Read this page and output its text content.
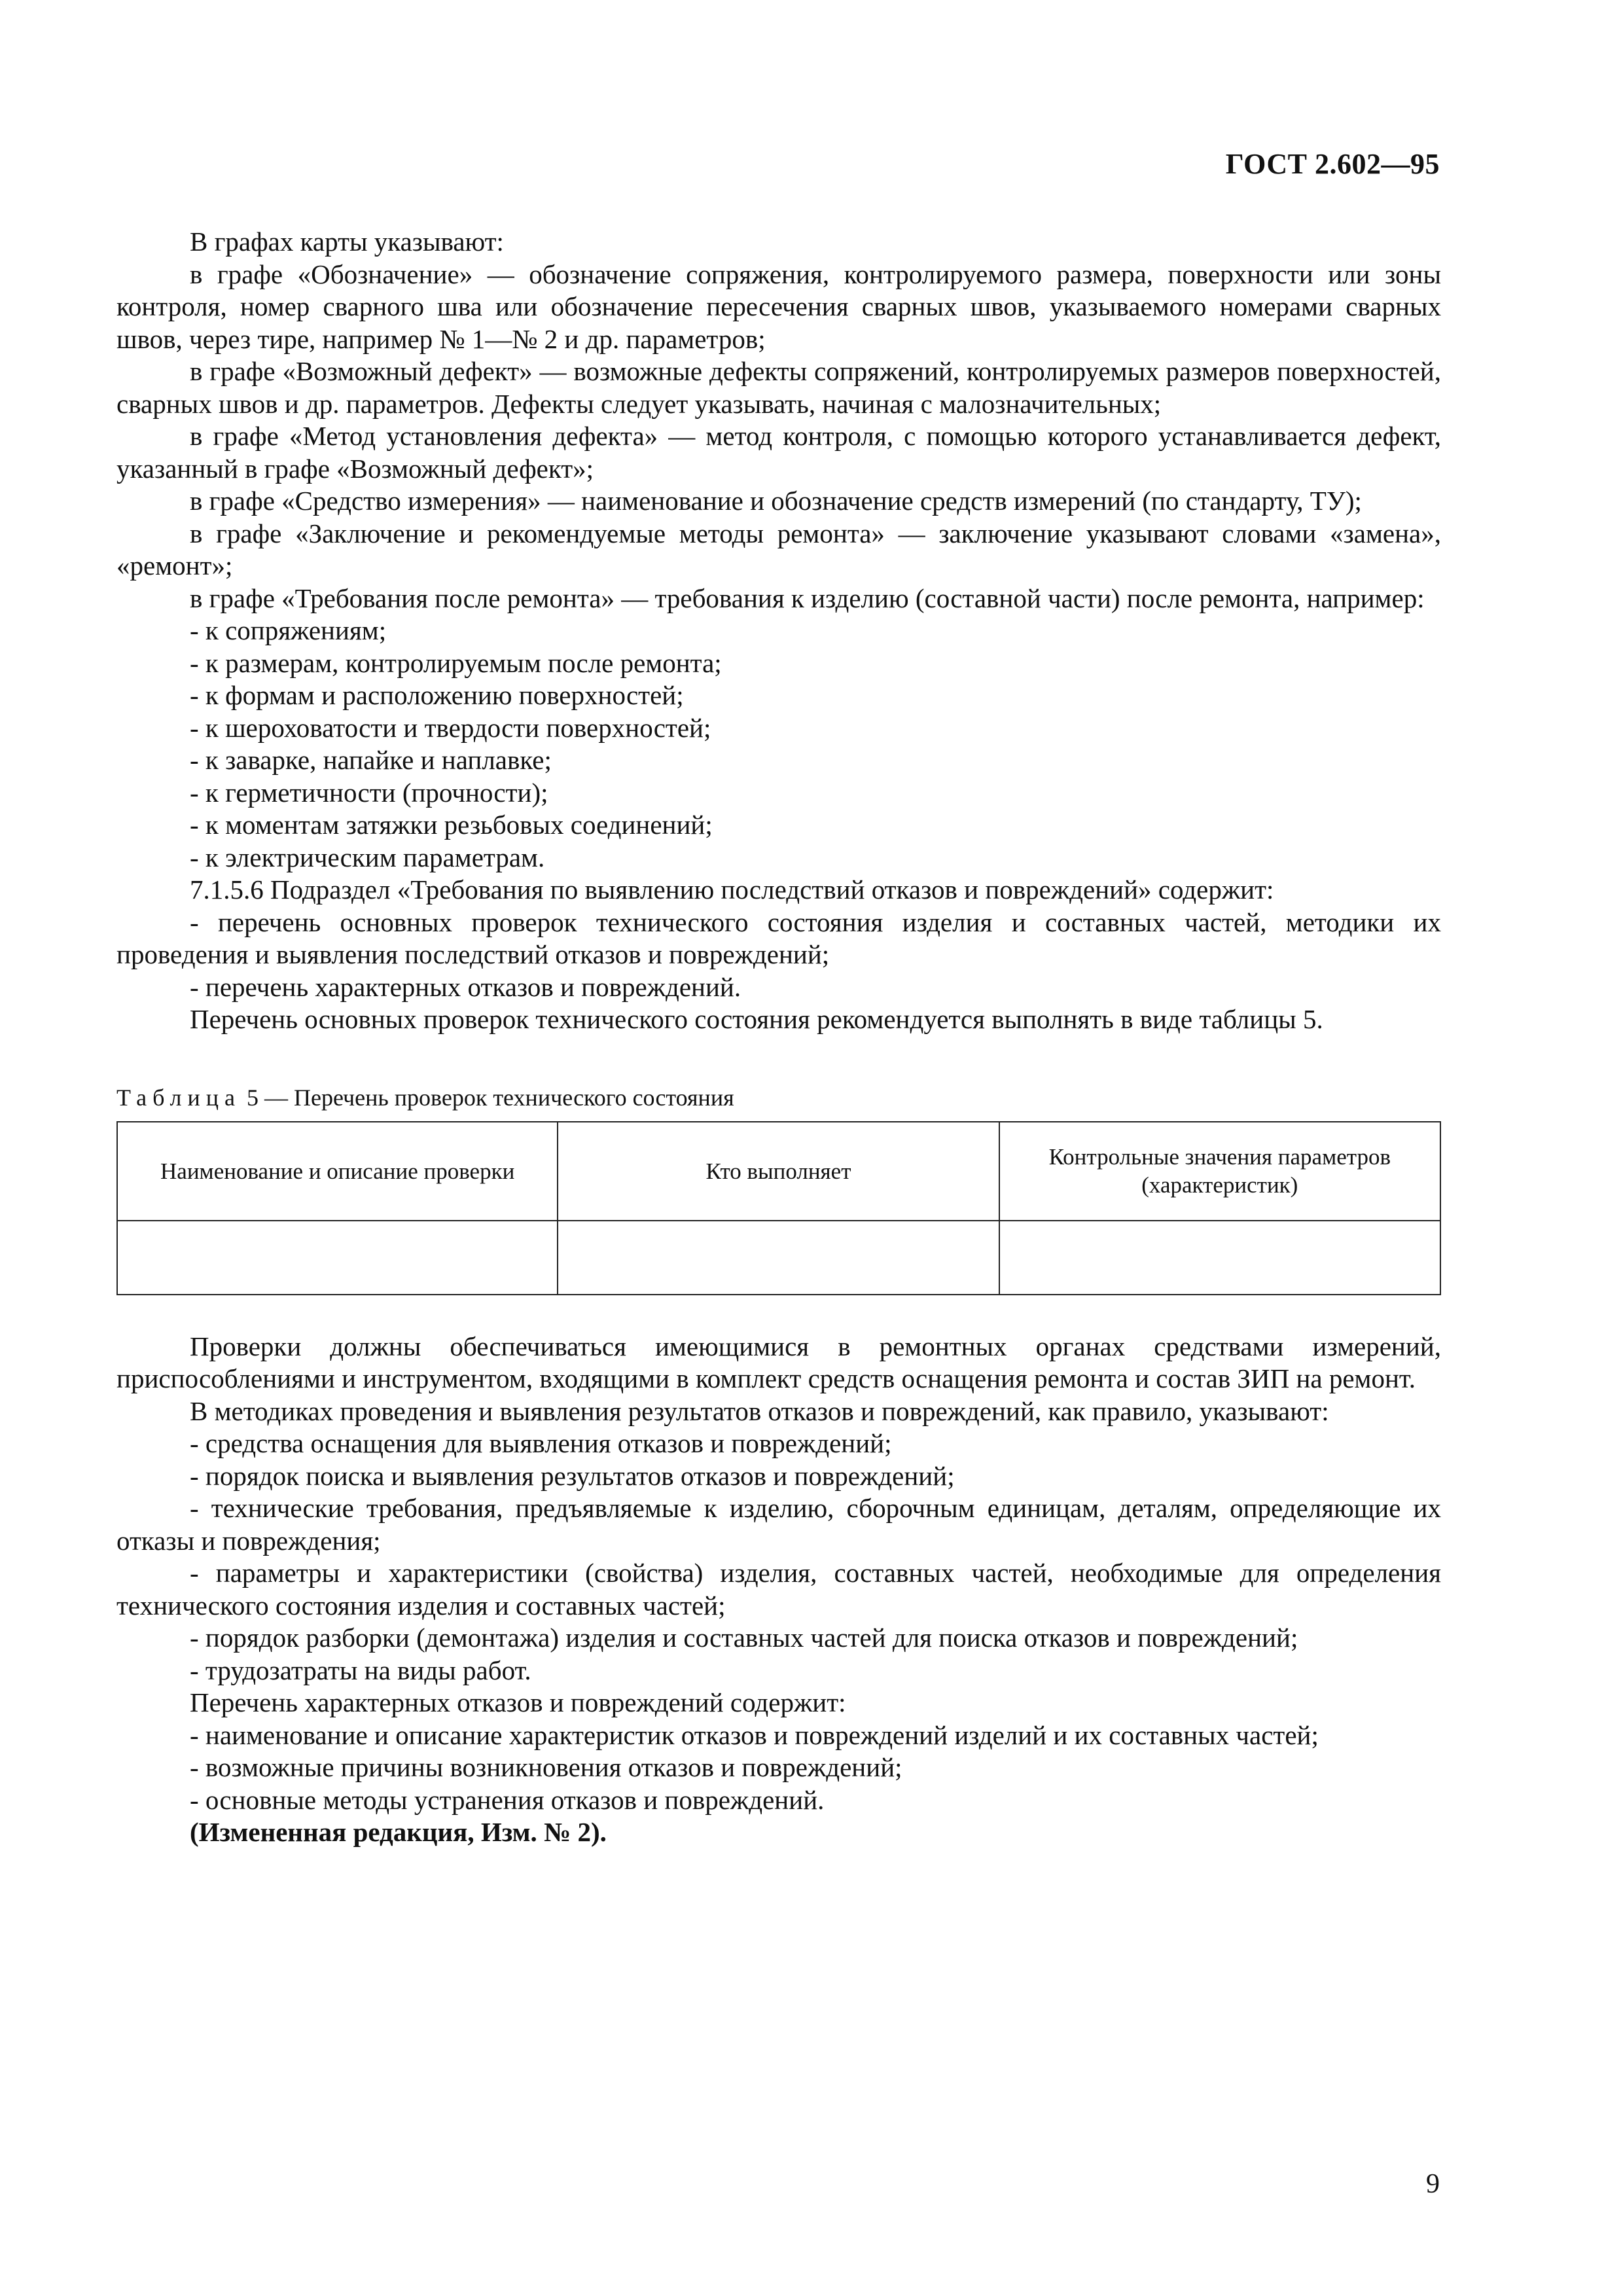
ГОСТ 2.602—95

В графах карты указывают:

в графе «Обозначение» — обозначение сопряжения, контролируемого размера, поверхности или зоны контроля, номер сварного шва или обозначение пересечения сварных швов, указываемого номерами сварных швов, через тире, например № 1—№ 2 и др. параметров;

в графе «Возможный дефект» — возможные дефекты сопряжений, контролируемых размеров поверхностей, сварных швов и др. параметров. Дефекты следует указывать, начиная с малозначительных;

в графе «Метод установления дефекта» — метод контроля, с помощью которого устанавливается дефект, указанный в графе «Возможный дефект»;

в графе «Средство измерения» — наименование и обозначение средств измерений (по стандарту, ТУ);

в графе «Заключение и рекомендуемые методы ремонта» — заключение указывают словами «замена», «ремонт»;

в графе «Требования после ремонта» — требования к изделию (составной части) после ремонта, например:

- к сопряжениям;

- к размерам, контролируемым после ремонта;

- к формам и расположению поверхностей;

- к шероховатости и твердости поверхностей;

- к заварке, напайке и наплавке;

- к герметичности (прочности);

- к моментам затяжки резьбовых соединений;

- к электрическим параметрам.

7.1.5.6 Подраздел «Требования по выявлению последствий отказов и повреждений» содержит:

- перечень основных проверок технического состояния изделия и составных частей, методики их проведения и выявления последствий отказов и повреждений;

- перечень характерных отказов и повреждений.

Перечень основных проверок технического состояния рекомендуется выполнять в виде таблицы 5.

Таблица 5 — Перечень проверок технического состояния

Наименование и описание проверки	Кто выполняет	Контрольные значения параметров (характеристик)

Проверки должны обеспечиваться имеющимися в ремонтных органах средствами измерений, приспособлениями и инструментом, входящими в комплект средств оснащения ремонта и состав ЗИП на ремонт.

В методиках проведения и выявления результатов отказов и повреждений, как правило, указывают:

- средства оснащения для выявления отказов и повреждений;

- порядок поиска и выявления результатов отказов и повреждений;

- технические требования, предъявляемые к изделию, сборочным единицам, деталям, определяющие их отказы и повреждения;

- параметры и характеристики (свойства) изделия, составных частей, необходимые для определения технического состояния изделия и составных частей;

- порядок разборки (демонтажа) изделия и составных частей для поиска отказов и повреждений;

- трудозатраты на виды работ.

Перечень характерных отказов и повреждений содержит:

- наименование и описание характеристик отказов и повреждений изделий и их составных частей;

- возможные причины возникновения отказов и повреждений;

- основные методы устранения отказов и повреждений.

(Измененная редакция, Изм. № 2).

9
